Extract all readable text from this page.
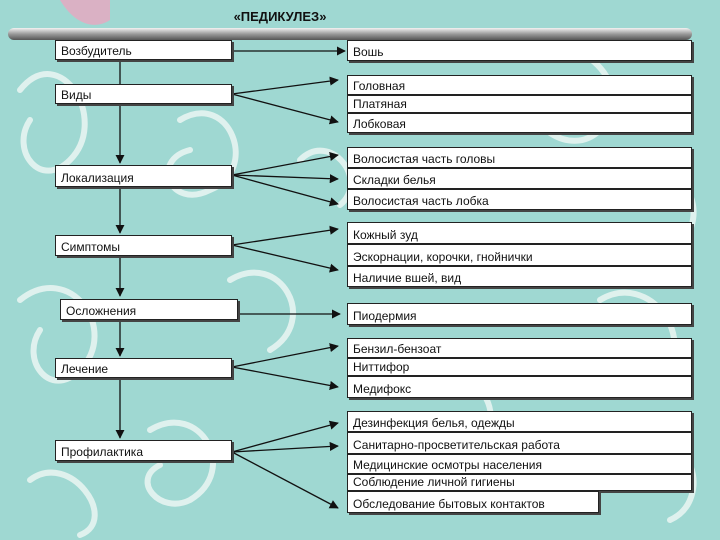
«ПЕДИКУЛЕЗ»
Возбудитель
Виды
Локализация
Симптомы
Осложнения
Лечение
Профилактика
Вошь
Головная
Платяная
Лобковая
Волосистая часть головы
Складки белья
Волосистая часть лобка
Кожный зуд
Эскорнации, корочки, гнойнички
Наличие вшей, вид
Пиодермия
Бензил-бензоат
Ниттифор
Медифокс
Дезинфекция белья, одежды
Санитарно-просветительская работа
Медицинские осмотры населения
Соблюдение личной гигиены
Обследование бытовых контактов
